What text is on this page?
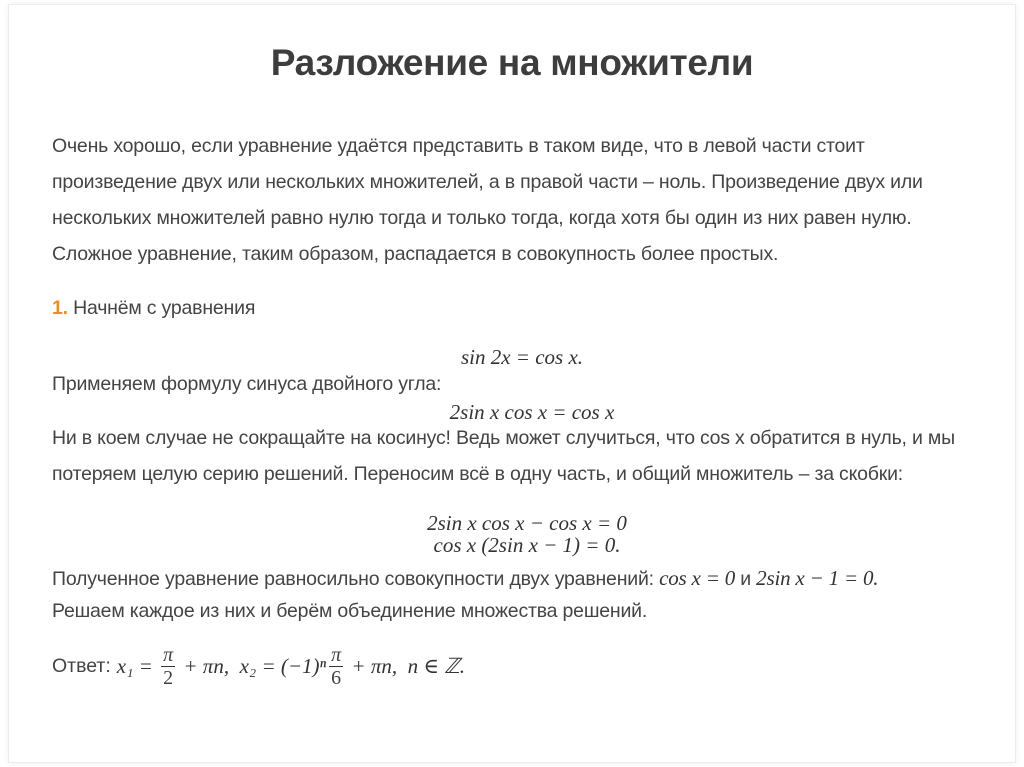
Разложение на множители
Очень хорошо, если уравнение удаётся представить в таком виде, что в левой части стоит произведение двух или нескольких множителей, а в правой части – ноль. Произведение двух или нескольких множителей равно нулю тогда и только тогда, когда хотя бы один из них равен нулю. Сложное уравнение, таким образом, распадается в совокупность более простых.
1. Начнём с уравнения
sin 2x = cos x.
Применяем формулу синуса двойного угла:
2sin x cos x = cos x
Ни в коем случае не сокращайте на косинус! Ведь может случиться, что cos x обратится в нуль, и мы потеряем целую серию решений. Переносим всё в одну часть, и общий множитель – за скобки:
2sin x cos x − cos x = 0
cos x (2sin x − 1) = 0.
Полученное уравнение равносильно совокупности двух уравнений: cos x = 0 и 2sin x − 1 = 0.
Решаем каждое из них и берём объединение множества решений.
Ответ: $x_1 = \frac{\pi}{2} + \pi n$,  $x_2 = (-1)^n \frac{\pi}{6} + \pi n$,  n ∈ ℤ.
